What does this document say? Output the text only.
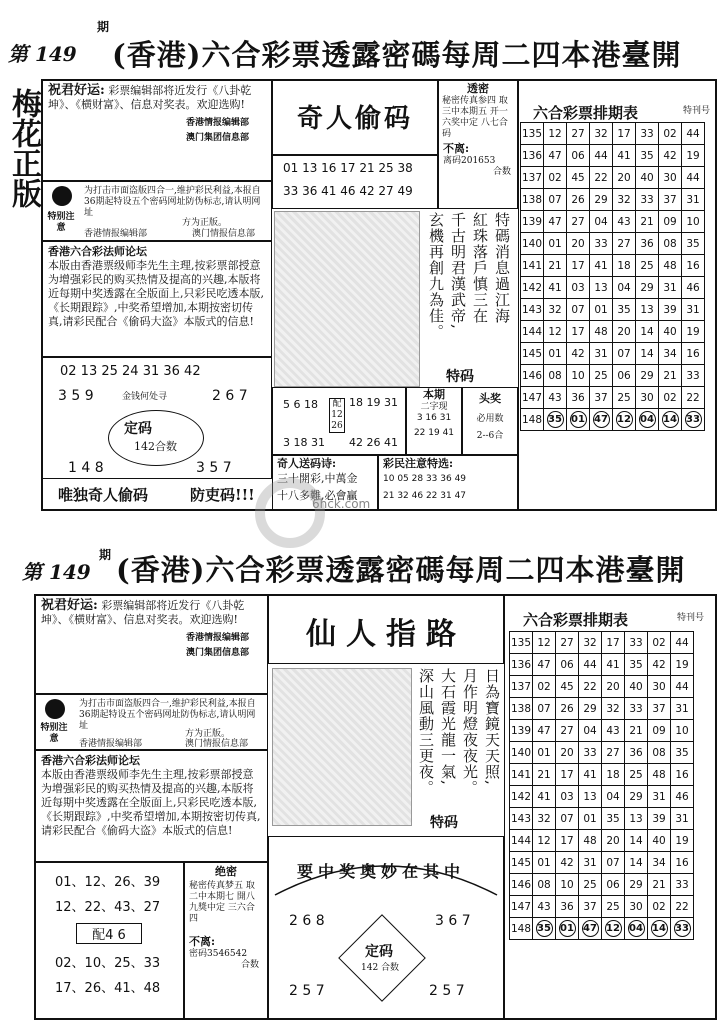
第 149
期
(香港)六合彩票透露密碼每周二四本港臺開
梅花正版 祝君好运: 彩票编辑部将近发行《八卦乾坤》、《横财富》、信息对奖表。欢迎选购!
香港情报编辑部
澳门集团信息部
特别注意
为打击市面盗版四合一,维护彩民利益,本报自36期起特设五个密码网址防伪标志,请认明网址
方为正版。
香港情报编辑部	澳门情报信息部
香港六合彩法师论坛
本版由香港票级师李先生主理,按彩票部授意为增强彩民的购买热情及提高的兴趣,本版将近每期中奖透露在全版面上,只彩民吃透本版,《长期跟踪》,中奖希望增加,本期按密切传真,请彩民配合《偷码大盗》本版式的信息!
02 13 25 24 31 36 42
3 5 9	2 6 7
金钱何处寻
定码
142合数
1 4 8	3 5 7
唯独奇人偷码	防吏码!!!
奇人偷码
01 13 16 17 21 25 38
33 36 41 46 42 27 49
透密
秘密传真参四 取三中本期五 开一六奖中定 八七合码
不离:
离码201653
合数
玄機再創九為佳。 千古明君漢武帝, 紅珠落戶慎三在 特碼消息過江海
特码
5 6 18
3 18 31
配 12 26
18 19 31
42 26 41
本期
二字现
3 16 31
22 19 41
头奖
必用数
2--6合
奇人送码诗:
三十開彩,中萬金
十八多難,必會贏
彩民注意特选:
10 05 28 33 36 49
21 32 46 22 31 47
六合彩票排期表	特刊号
135	12	27	32	17	33	02	44
136	47	06	44	41	35	42	19
137	02	45	22	20	40	30	44
138	07	26	29	32	33	37	31
139	47	27	04	43	21	09	10
140	01	20	33	27	36	08	35
141	21	17	41	18	25	48	16
142	41	03	13	04	29	31	46
143	32	07	01	35	13	39	31
144	12	17	48	20	14	40	19
145	01	42	31	07	14	34	16
146	08	10	25	06	29	21	33
147	43	36	37	25	30	02	22
148	35	01	47	12	04	14	33
第 149
期 (香港)六合彩票透露密碼每周二四本港臺開
祝君好运: 彩票编辑部将近发行《八卦乾坤》、《横财富》、信息对奖表。欢迎选购!
香港情报编辑部
澳门集团信息部
特别注意
为打击市面盗版四合一,维护彩民利益,本报自36期起特设五个密码网址防伪标志,请认明网址
方为正版。
香港情报编辑部	澳门情报信息部
香港六合彩法师论坛
本版由香港票级师李先生主理,按彩票部授意为增强彩民的购买热情及提高的兴趣,本版将近每期中奖透露在全版面上,只彩民吃透本版,《长期跟踪》,中奖希望增加,本期按密切传真,请彩民配合《偷码大盗》本版式的信息!
01、12、26、39
12、22、43、27
配4 6
02、10、25、33
17、26、41、48
绝密
秘密传真梦五 取二中本期七 開八九獎中定 三六合四
不离:
密码3546542
合数
仙人指路
深山風動三更夜。 大石霞光龍一氣, 月作明燈夜夜光。 日為寶鏡天天照,
特码
要中奖奥妙在其中
2 6 8	3 6 7
定码
142 合数
2 5 7	2 5 7
六合彩票排期表	特刊号
135	12	27	32	17	33	02	44
136	47	06	44	41	35	42	19
137	02	45	22	20	40	30	44
138	07	26	29	32	33	37	31
139	47	27	04	43	21	09	10
140	01	20	33	27	36	08	35
141	21	17	41	18	25	48	16
142	41	03	13	04	29	31	46
143	32	07	01	35	13	39	31
144	12	17	48	20	14	40	19
145	01	42	31	07	14	34	16
146	08	10	25	06	29	21	33
147	43	36	37	25	30	02	22
148	35	01	47	12	04	14	33
6hck.com
